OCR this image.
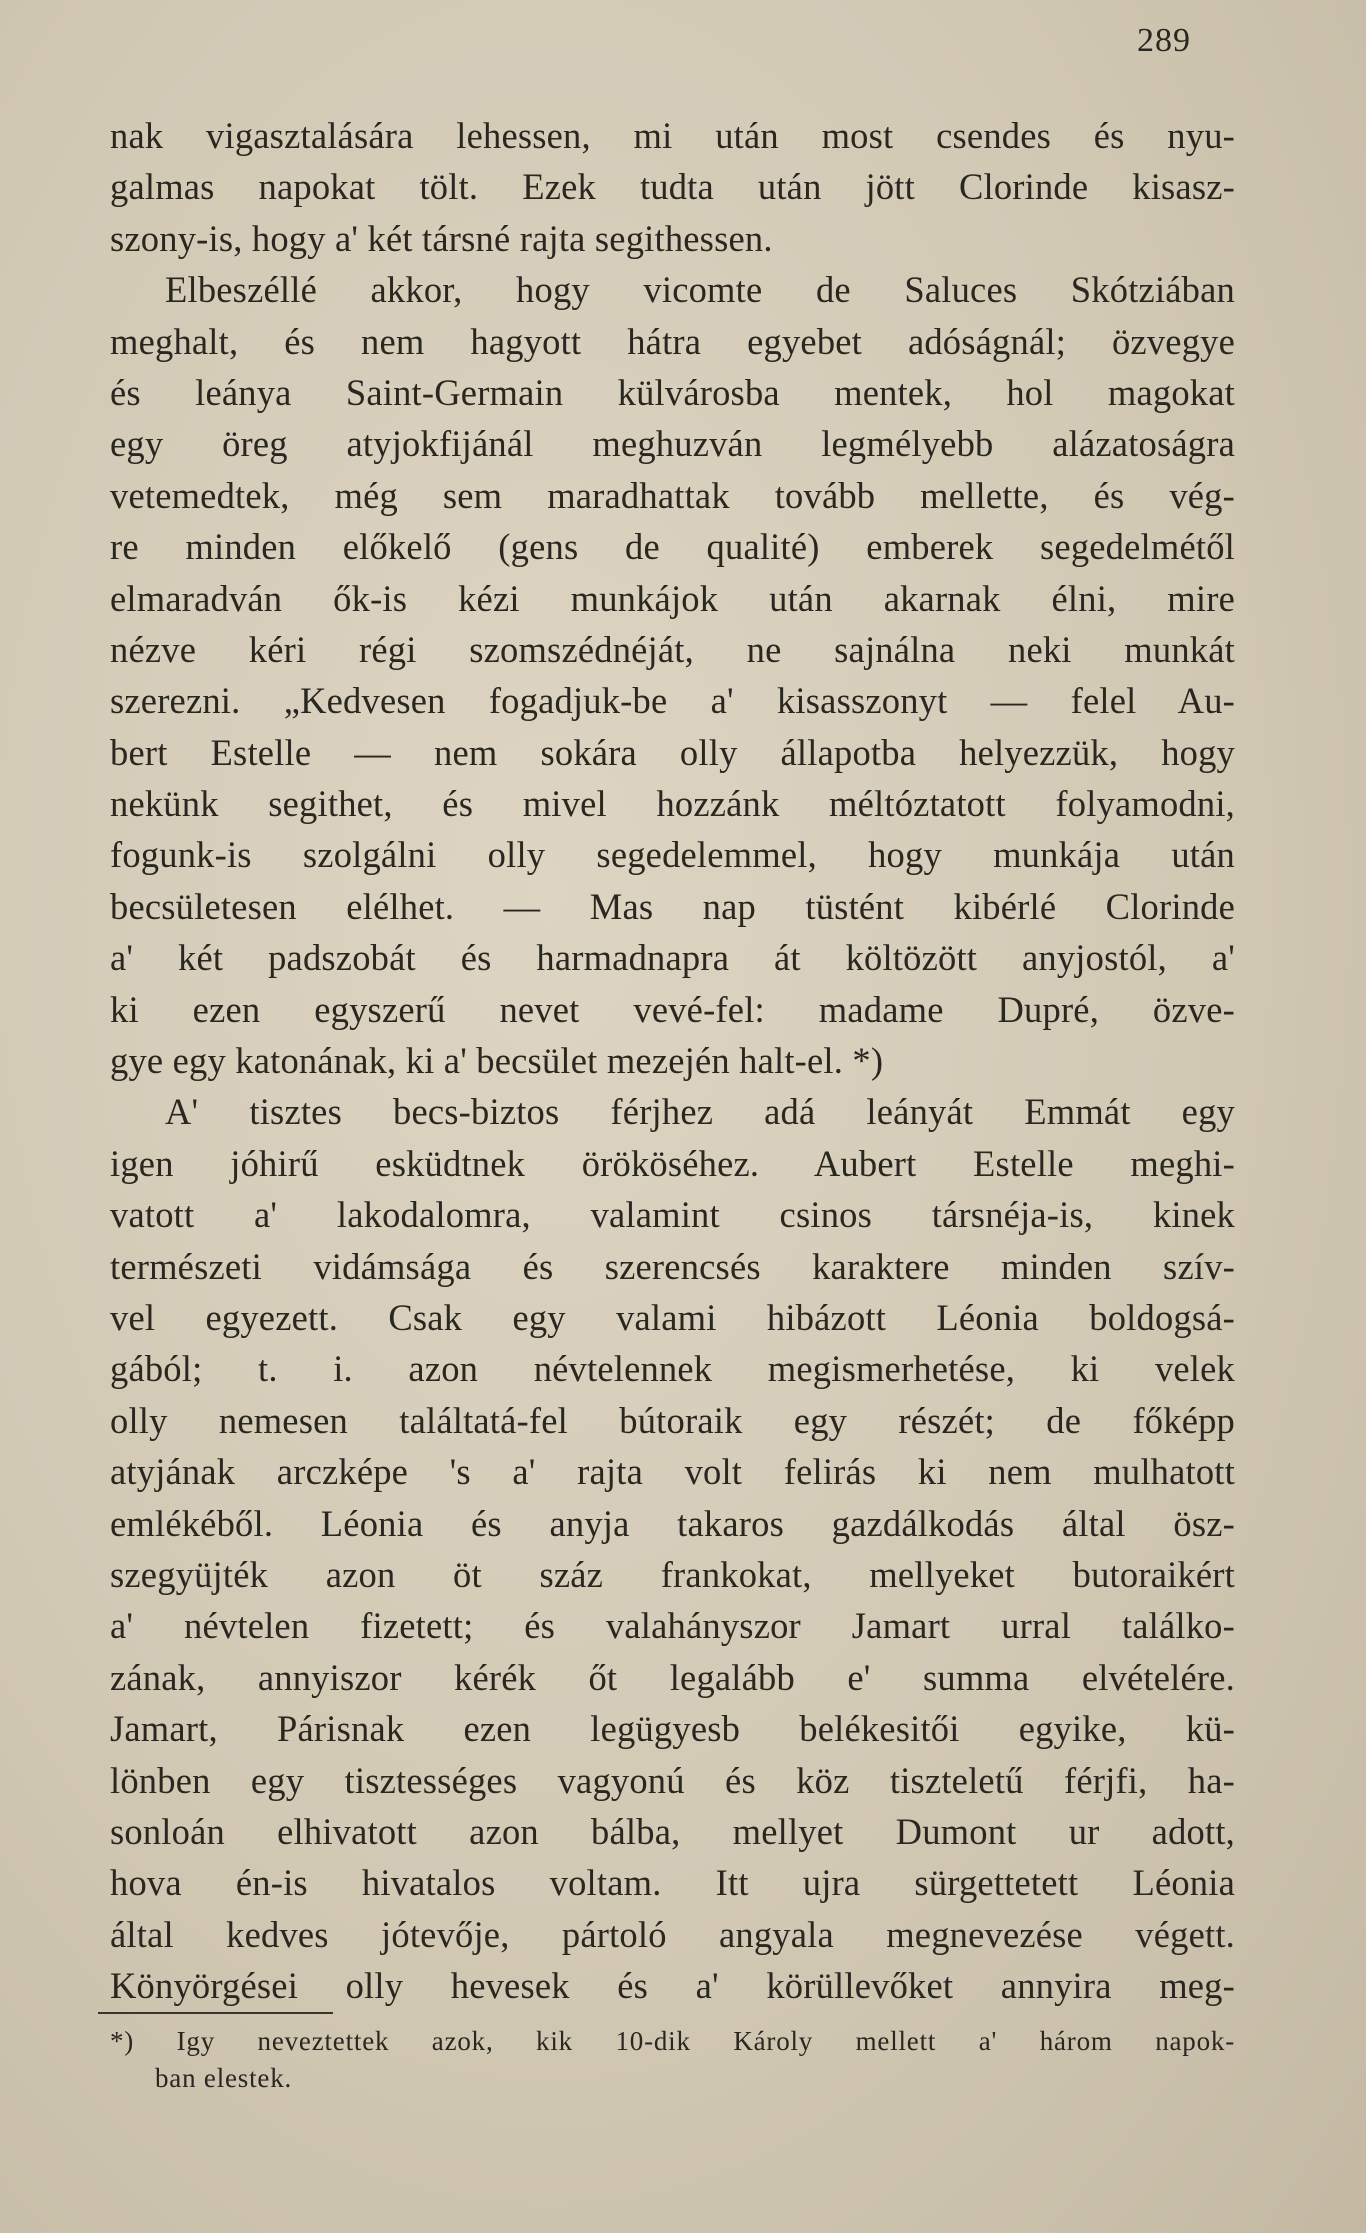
289
nak vigasztalására lehessen, mi után most csendes és nyu-
galmas napokat tölt. Ezek tudta után jött Clorinde kisasz-
szony-is, hogy a' két társné rajta segithessen.
Elbeszéllé akkor, hogy vicomte de Saluces Skótziában
meghalt, és nem hagyott hátra egyebet adóságnál; özvegye
és leánya Saint-Germain külvárosba mentek, hol magokat
egy öreg atyjokfijánál meghuzván legmélyebb alázatoságra
vetemedtek, még sem maradhattak tovább mellette, és vég-
re minden előkelő (gens de qualité) emberek segedelmétől
elmaradván ők-is kézi munkájok után akarnak élni, mire
nézve kéri régi szomszédnéját, ne sajnálna neki munkát
szerezni. „Kedvesen fogadjuk-be a' kisasszonyt — felel Au-
bert Estelle — nem sokára olly állapotba helyezzük, hogy
nekünk segithet, és mivel hozzánk méltóztatott folyamodni,
fogunk-is szolgálni olly segedelemmel, hogy munkája után
becsületesen elélhet. — Mas nap tüstént kibérlé Clorinde
a' két padszobát és harmadnapra át költözött anyjostól, a'
ki ezen egyszerű nevet vevé-fel: madame Dupré, özve-
gye egy katonának, ki a' becsület mezején halt-el. *)
A' tisztes becs-biztos férjhez adá leányát Emmát egy
igen jóhirű esküdtnek örököséhez. Aubert Estelle meghi-
vatott a' lakodalomra, valamint csinos társnéja-is, kinek
természeti vidámsága és szerencsés karaktere minden szív-
vel egyezett. Csak egy valami hibázott Léonia boldogsá-
gából; t. i. azon névtelennek megismerhetése, ki velek
olly nemesen találtatá-fel bútoraik egy részét; de főképp
atyjának arczképe 's a' rajta volt felirás ki nem mulhatott
emlékéből. Léonia és anyja takaros gazdálkodás által ösz-
szegyüjték azon öt száz frankokat, mellyeket butoraikért
a' névtelen fizetett; és valahányszor Jamart urral találko-
zának, annyiszor kérék őt legalább e' summa elvételére.
Jamart, Párisnak ezen legügyesb belékesitői egyike, kü-
lönben egy tisztességes vagyonú és köz tiszteletű férjfi, ha-
sonloán elhivatott azon bálba, mellyet Dumont ur adott,
hova én-is hivatalos voltam. Itt ujra sürgettetett Léonia
által kedves jótevője, pártoló angyala megnevezése végett.
Könyörgései olly hevesek és a' körüllevőket annyira meg-
*) Igy neveztettek azok, kik 10-dik Károly mellett a' három napok-
ban elestek.
